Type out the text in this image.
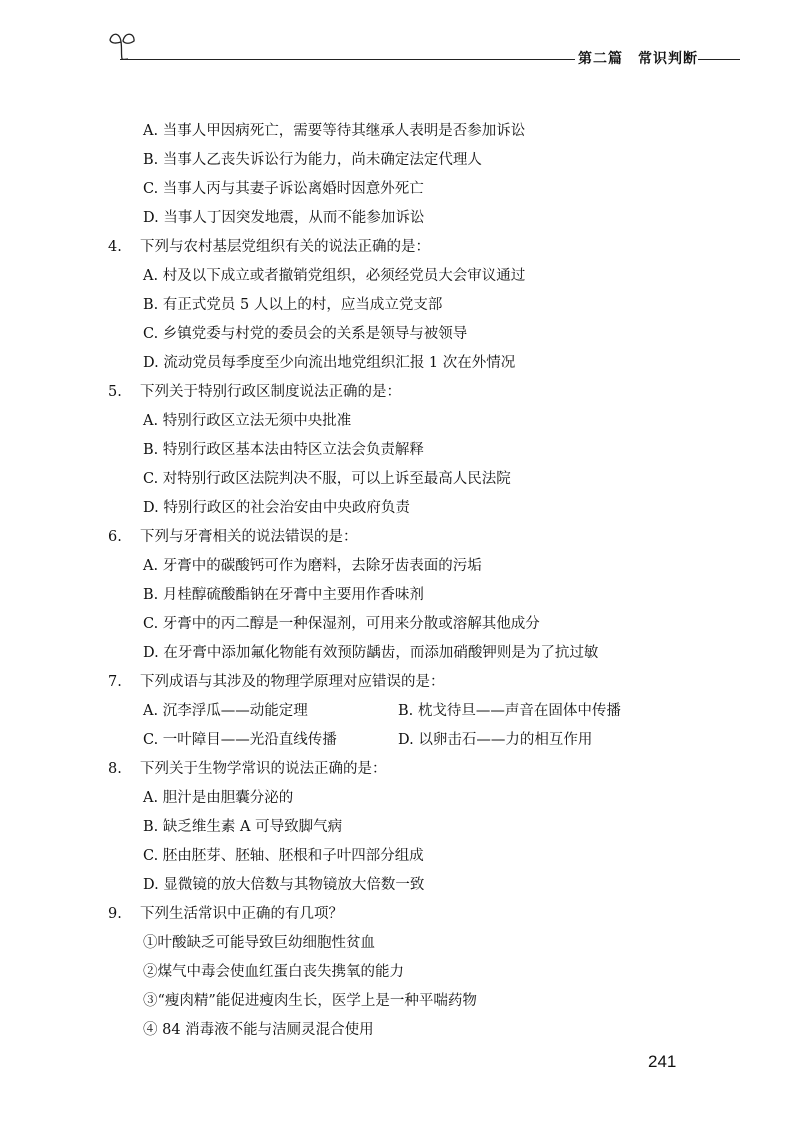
第二篇　常识判断
A. 当事人甲因病死亡，需要等待其继承人表明是否参加诉讼
B. 当事人乙丧失诉讼行为能力，尚未确定法定代理人
C. 当事人丙与其妻子诉讼离婚时因意外死亡
D. 当事人丁因突发地震，从而不能参加诉讼
4. 下列与农村基层党组织有关的说法正确的是：
A. 村及以下成立或者撤销党组织，必须经党员大会审议通过
B. 有正式党员 5 人以上的村，应当成立党支部
C. 乡镇党委与村党的委员会的关系是领导与被领导
D. 流动党员每季度至少向流出地党组织汇报 1 次在外情况
5. 下列关于特别行政区制度说法正确的是：
A. 特别行政区立法无须中央批准
B. 特别行政区基本法由特区立法会负责解释
C. 对特别行政区法院判决不服，可以上诉至最高人民法院
D. 特别行政区的社会治安由中央政府负责
6. 下列与牙膏相关的说法错误的是：
A. 牙膏中的碳酸钙可作为磨料，去除牙齿表面的污垢
B. 月桂醇硫酸酯钠在牙膏中主要用作香味剂
C. 牙膏中的丙二醇是一种保湿剂，可用来分散或溶解其他成分
D. 在牙膏中添加氟化物能有效预防龋齿，而添加硝酸钾则是为了抗过敏
7. 下列成语与其涉及的物理学原理对应错误的是：
A. 沉李浮瓜——动能定理	B. 枕戈待旦——声音在固体中传播
C. 一叶障目——光沿直线传播	D. 以卵击石——力的相互作用
8. 下列关于生物学常识的说法正确的是：
A. 胆汁是由胆囊分泌的
B. 缺乏维生素 A 可导致脚气病
C. 胚由胚芽、胚轴、胚根和子叶四部分组成
D. 显微镜的放大倍数与其物镜放大倍数一致
9. 下列生活常识中正确的有几项？
①叶酸缺乏可能导致巨幼细胞性贫血
②煤气中毒会使血红蛋白丧失携氧的能力
③“瘦肉精”能促进瘦肉生长，医学上是一种平喘药物
④ 84 消毒液不能与洁厕灵混合使用
241
